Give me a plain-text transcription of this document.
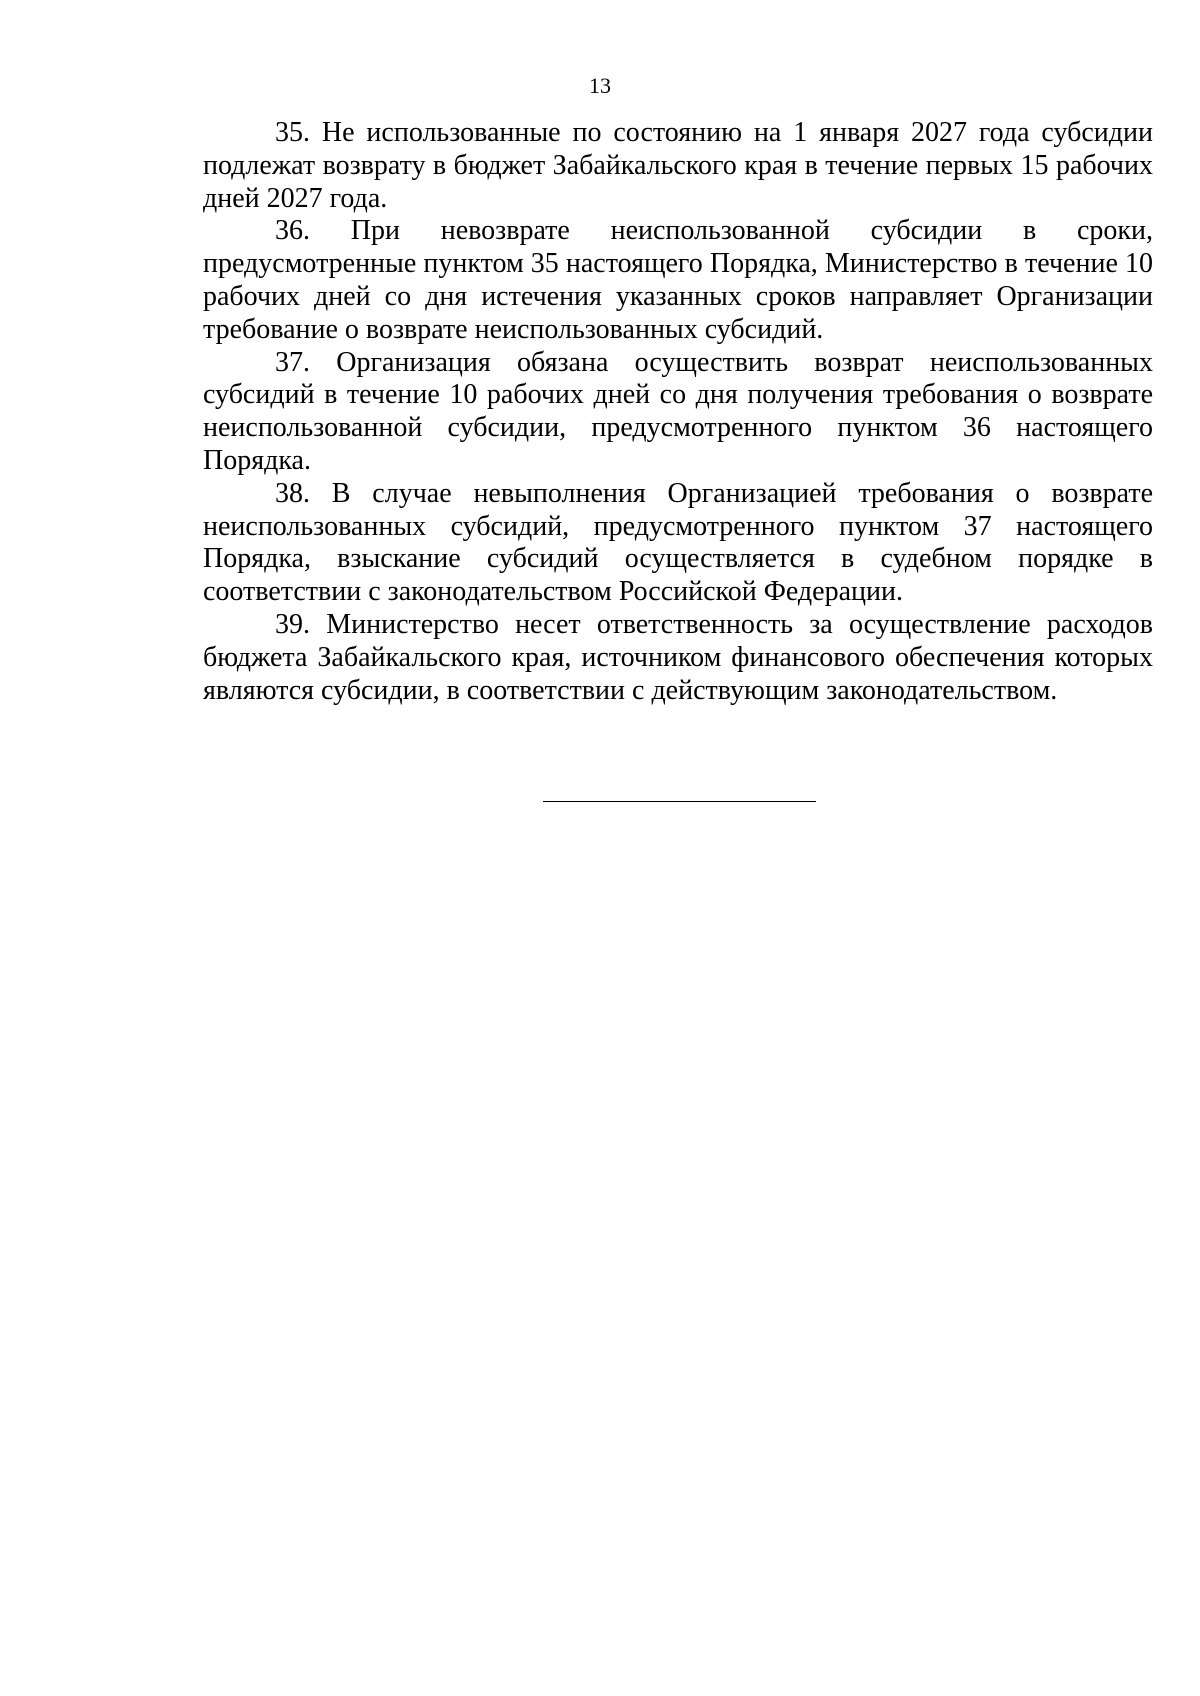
13

35. Не использованные по состоянию на 1 января 2027 года субсидии подлежат возврату в бюджет Забайкальского края в течение первых 15 рабочих дней 2027 года.

36. При невозврате неиспользованной субсидии в сроки, предусмотренные пунктом 35 настоящего Порядка, Министерство в течение 10 рабочих дней со дня истечения указанных сроков направляет Организации требование о возврате неиспользованных субсидий.

37. Организация обязана осуществить возврат неиспользованных субсидий в течение 10 рабочих дней со дня получения требования о возврате неиспользованной субсидии, предусмотренного пунктом 36 настоящего Порядка.

38. В случае невыполнения Организацией требования о возврате неиспользованных субсидий, предусмотренного пунктом 37 настоящего Порядка, взыскание субсидий осуществляется в судебном порядке в соответствии с законодательством Российской Федерации.

39. Министерство несет ответственность за осуществление расходов бюджета Забайкальского края, источником финансового обеспечения которых являются субсидии, в соответствии с действующим законодательством.
